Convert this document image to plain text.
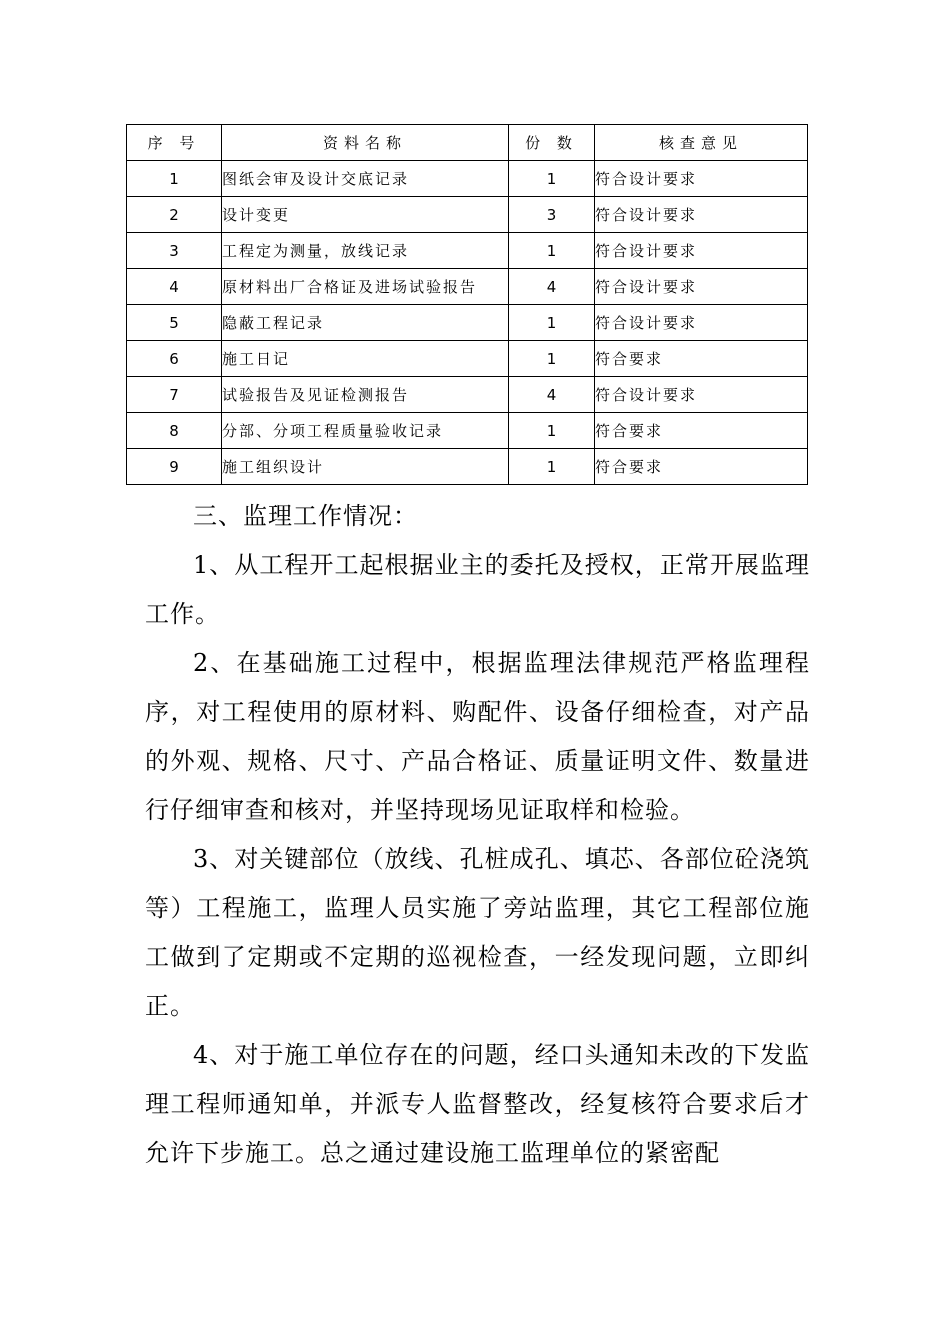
序 号	资料名称	份 数	核查意见
1	图纸会审及设计交底记录	1	符合设计要求
2	设计变更	3	符合设计要求
3	工程定为测量，放线记录	1	符合设计要求
4	原材料出厂合格证及进场试验报告	4	符合设计要求
5	隐蔽工程记录	1	符合设计要求
6	施工日记	1	符合要求
7	试验报告及见证检测报告	4	符合设计要求
8	分部、分项工程质量验收记录	1	符合要求
9	施工组织设计	1	符合要求

三、监理工作情况：

1、从工程开工起根据业主的委托及授权，正常开展监理工作。

2、在基础施工过程中，根据监理法律规范严格监理程序，对工程使用的原材料、购配件、设备仔细检查，对产品的外观、规格、尺寸、产品合格证、质量证明文件、数量进行仔细审查和核对，并坚持现场见证取样和检验。

3、对关键部位（放线、孔桩成孔、填芯、各部位砼浇筑等）工程施工，监理人员实施了旁站监理，其它工程部位施工做到了定期或不定期的巡视检查，一经发现问题，立即纠正。

4、对于施工单位存在的问题，经口头通知未改的下发监理工程师通知单，并派专人监督整改，经复核符合要求后才允许下步施工。总之通过建设施工监理单位的紧密配
